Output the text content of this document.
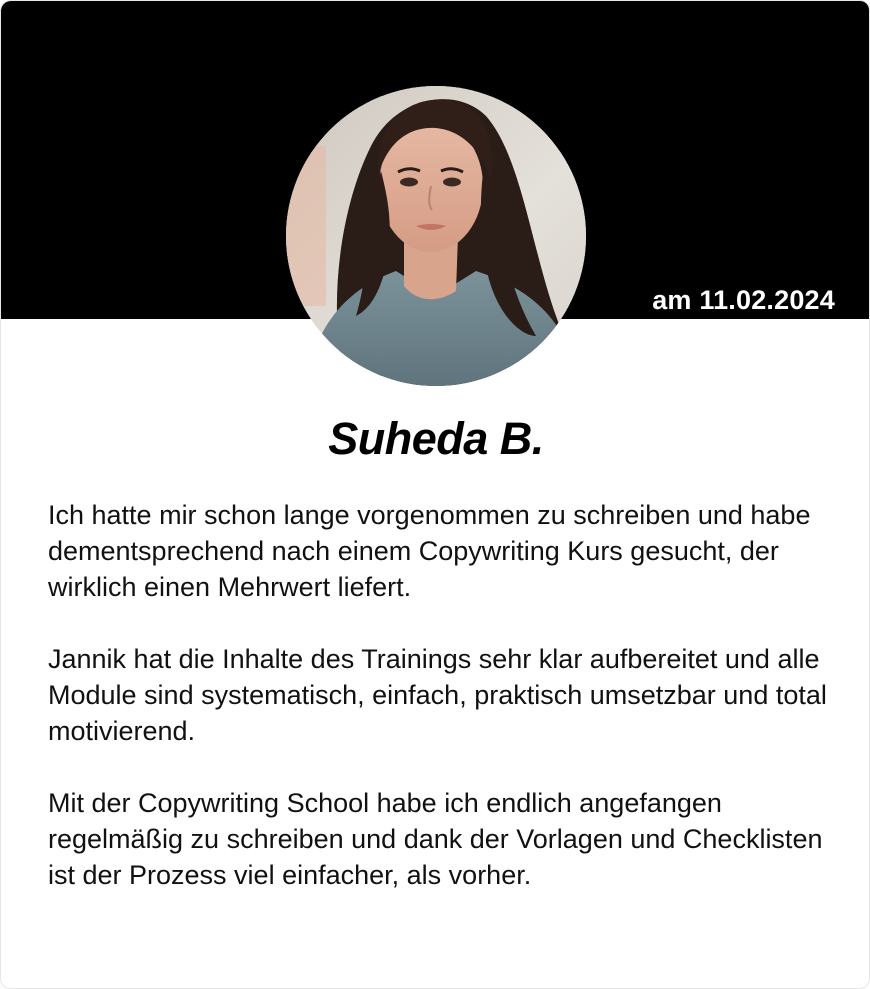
am 11.02.2024
Suheda B.

Ich hatte mir schon lange vorgenommen zu schreiben und habe dementsprechend nach einem Copywriting Kurs gesucht, der wirklich einen Mehrwert liefert.

Jannik hat die Inhalte des Trainings sehr klar aufbereitet und alle Module sind systematisch, einfach, praktisch umsetzbar und total motivierend.

Mit der Copywriting School habe ich endlich angefangen regelmäßig zu schreiben und dank der Vorlagen und Checklisten ist der Prozess viel einfacher, als vorher.
